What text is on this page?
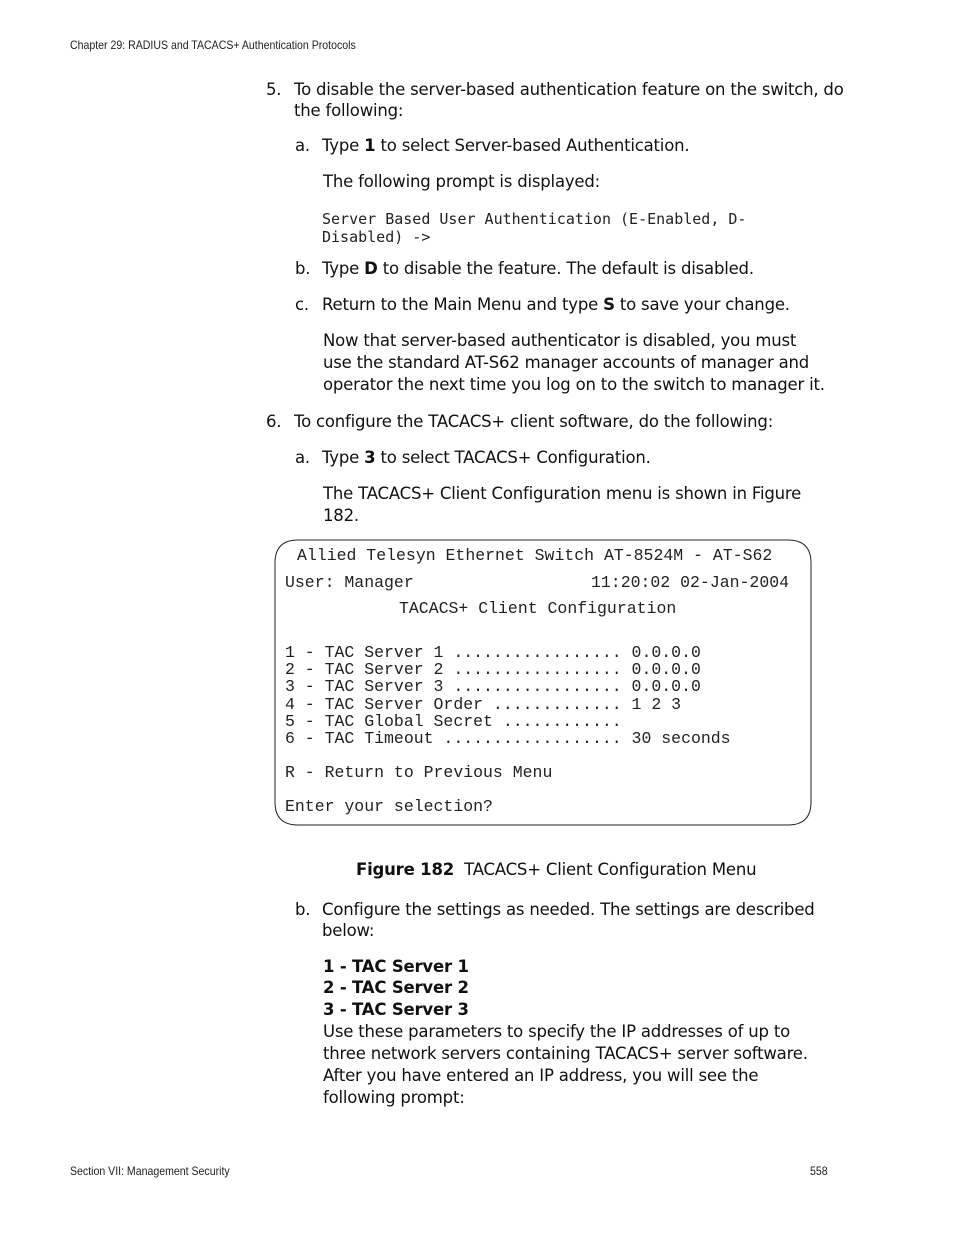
Chapter 29: RADIUS and TACACS+ Authentication Protocols
5. To disable the server-based authentication feature on the switch, do
the following:
a. Type 1 to select Server-based Authentication.
The following prompt is displayed:
Server Based User Authentication (E-Enabled, D-
Disabled) ->
b. Type D to disable the feature. The default is disabled.
c. Return to the Main Menu and type S to save your change.
Now that server-based authenticator is disabled, you must
use the standard AT-S62 manager accounts of manager and
operator the next time you log on to the switch to manager it.
6. To configure the TACACS+ client software, do the following:
a. Type 3 to select TACACS+ Configuration.
The TACACS+ Client Configuration menu is shown in Figure
182.
Allied Telesyn Ethernet Switch AT-8524M - AT-S62
User: Manager	11:20:02 02-Jan-2004
TACACS+ Client Configuration
1 - TAC Server 1 ................. 0.0.0.0
2 - TAC Server 2 ................. 0.0.0.0
3 - TAC Server 3 ................. 0.0.0.0
4 - TAC Server Order ............. 1 2 3
5 - TAC Global Secret ............
6 - TAC Timeout .................. 30 seconds
R - Return to Previous Menu
Enter your selection?
Figure 182 TACACS+ Client Configuration Menu
b. Configure the settings as needed. The settings are described
below:
1 - TAC Server 1
2 - TAC Server 2
3 - TAC Server 3
Use these parameters to specify the IP addresses of up to
three network servers containing TACACS+ server software.
After you have entered an IP address, you will see the
following prompt:
Section VII: Management Security	558
